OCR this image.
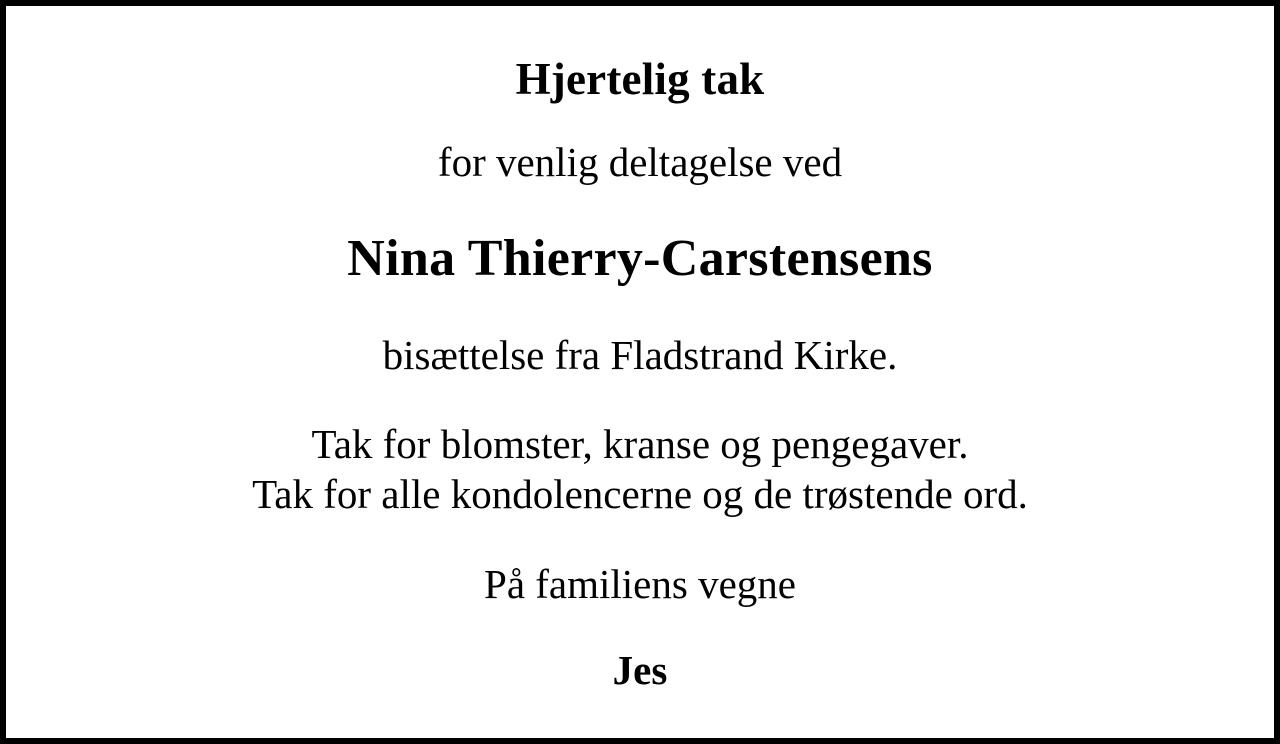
Hjertelig tak
for venlig deltagelse ved
Nina Thierry-Carstensens
bisættelse fra Fladstrand Kirke.
Tak for blomster, kranse og pengegaver.
Tak for alle kondolencerne og de trøstende ord.
På familiens vegne
Jes
